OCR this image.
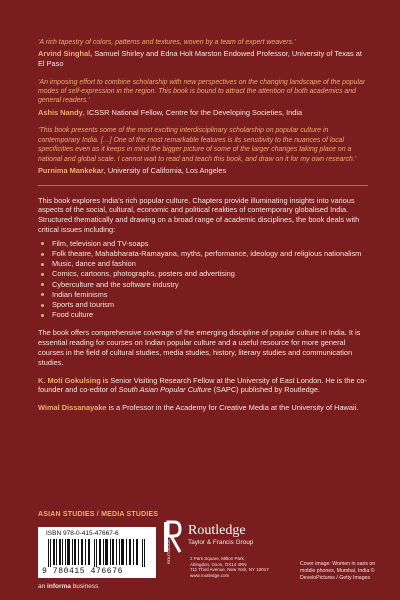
‘A rich tapestry of colors, patterns and textures, woven by a team of expert weavers.’

Arvind Singhal, Samuel Shirley and Edna Holt Marston Endowed Professor, University of Texas at El Paso

‘An imposing effort to combine scholarship with new perspectives on the changing landscape of the popular modes of self-expression in the region. This book is bound to attract the attention of both academics and general readers.’

Ashis Nandy, ICSSR National Fellow, Centre for the Developing Societies, India

‘This book presents some of the most exciting interdisciplinary scholarship on popular culture in contemporary India. […] One of the most remarkable features is its sensitivity to the nuances of local specificities even as it keeps in mind the bigger picture of some of the larger changes taking place on a national and global scale. I cannot wait to read and teach this book, and draw on it for my own research.’

Purnima Mankekar, University of California, Los Angeles

This book explores India’s rich popular culture. Chapters provide illuminating insights into various aspects of the social, cultural, economic and political realities of contemporary globalised India. Structured thematically and drawing on a broad range of academic disciplines, the book deals with critical issues including:

Film, television and TV-soaps
Folk theatre, Mahabharata-Ramayana, myths, performance, ideology and religious nationalism
Music, dance and fashion
Comics, cartoons, photographs, posters and advertising
Cyberculture and the software industry
Indian feminisms
Sports and tourism
Food culture

The book offers comprehensive coverage of the emerging discipline of popular culture in India. It is essential reading for courses on Indian popular culture and a useful resource for more general courses in the field of cultural studies, media studies, history, literary studies and communication studies.

K. Moti Gokulsing is Senior Visiting Research Fellow at the University of East London. He is the co-founder and co-editor of South Asian Popular Culture (SAPC) published by Routledge.

Wimal Dissanayake is a Professor in the Academy for Creative Media at the University of Hawaii.

ASIAN STUDIES / MEDIA STUDIES
ISBN 978-0-415-47667-6
9 780415 476676
an informa business
ROUTLEDGE
Routledge
Taylor & Francis Group
2 Park Square, Milton Park,
Abingdon, Oxon, OX14 4RN
711 Third Avenue, New York, NY 10017
www.routledge.com
Cover image: Women in saris on mobile phones, Mumbai, India © DeveloPictures / Getty Images
